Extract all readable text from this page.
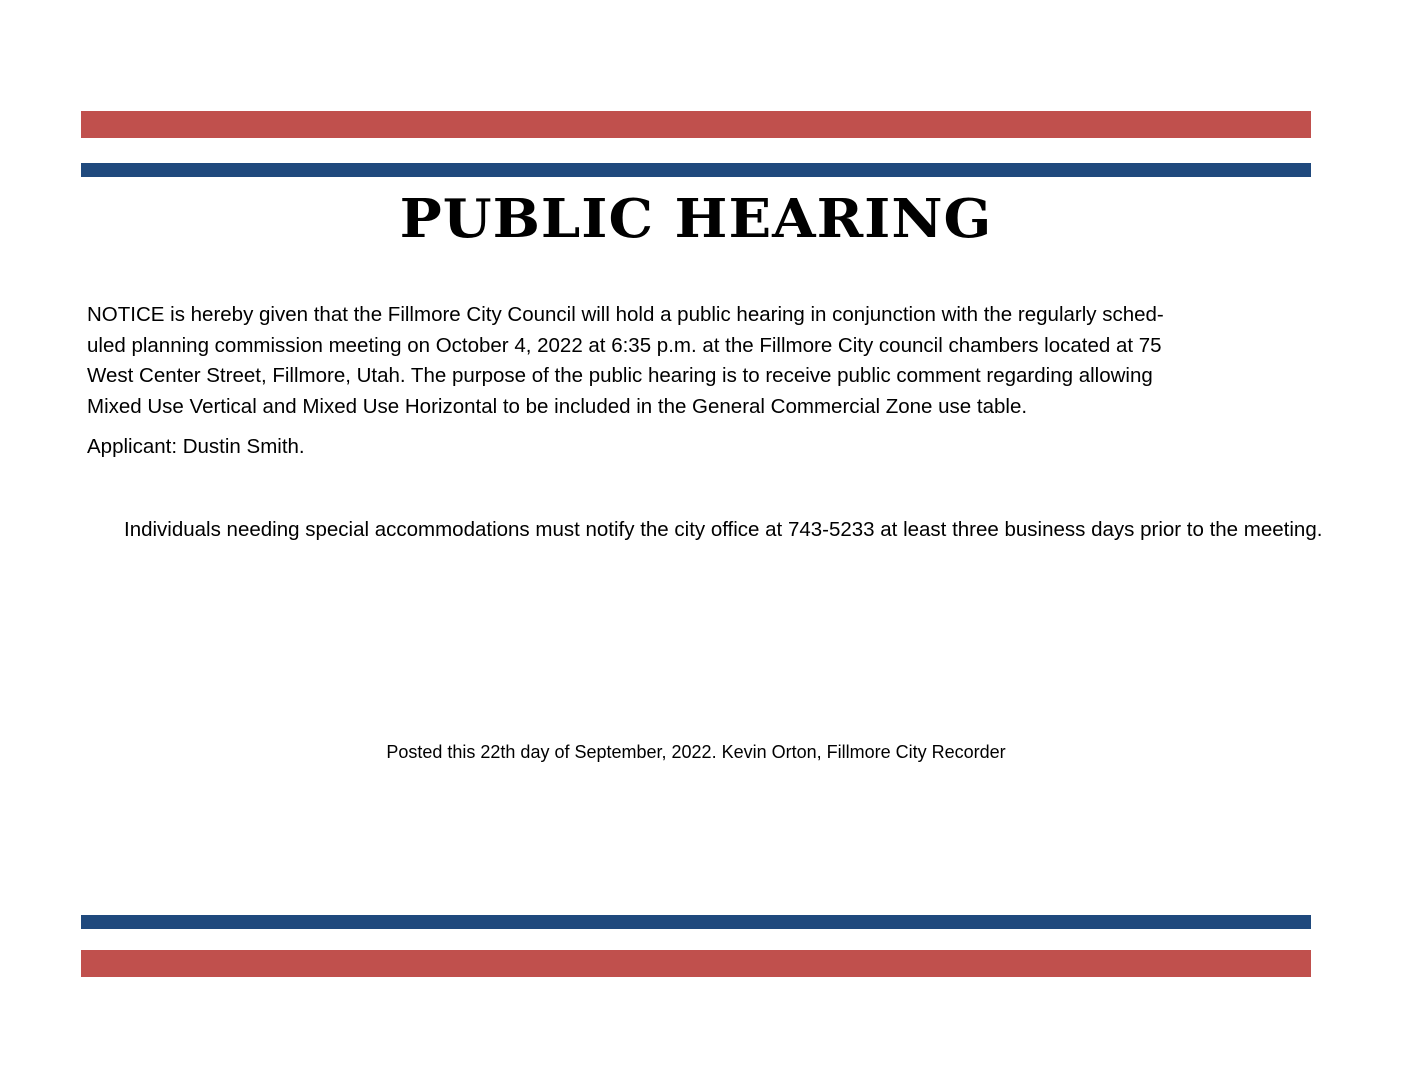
PUBLIC HEARING

NOTICE is hereby given that the Fillmore City Council will hold a public hearing in conjunction with the regularly sched-
uled planning commission meeting on October 4, 2022 at 6:35 p.m. at the Fillmore City council chambers located at 75
West Center Street, Fillmore, Utah. The purpose of the public hearing is to receive public comment regarding allowing
Mixed Use Vertical and Mixed Use Horizontal to be included in the General Commercial Zone use table.

Applicant: Dustin Smith.

Individuals needing special accommodations must notify the city office at 743-5233 at least three business days prior to the meeting.

Posted this 22th day of September, 2022. Kevin Orton, Fillmore City Recorder
